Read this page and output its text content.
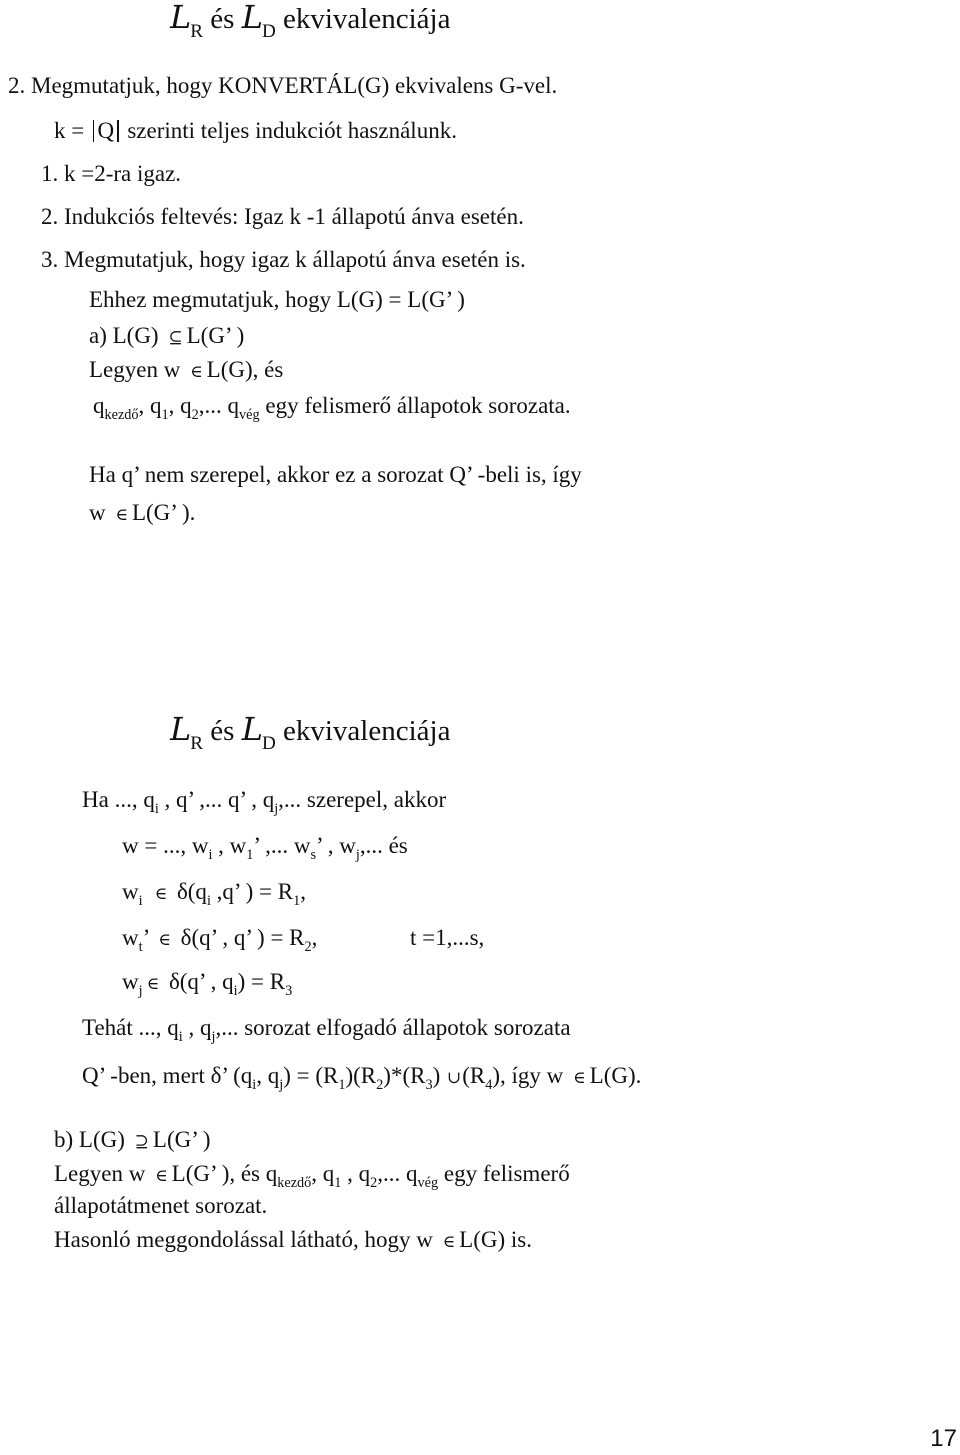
$L_R$ és $L_D$ ekvivalenciája
2. Megmutatjuk, hogy KONVERTÁL(G) ekvivalens G-vel.
k = Q szerinti teljes indukciót használunk.
1. k =2-ra igaz.
2. Indukciós feltevés: Igaz k -1 állapotú ánva esetén.
3. Megmutatjuk, hogy igaz k állapotú ánva esetén is.
Ehhez megmutatjuk, hogy L(G) = L(G’ )
a) L(G) ⊆ L(G’ )
Legyen w ∈ L(G), és
$q_{kezdő}$, $q_1$, $q_2$,... $q_{vég}$ egy felismerő állapotok sorozata.
Ha q’ nem szerepel, akkor ez a sorozat Q’ -beli is, így
w ∈ L(G’ ).
$L_R$ és $L_D$ ekvivalenciája
Ha ..., $q_i$ , q’ ,... q’ , $q_j$,... szerepel, akkor
w = ..., $w_i$ , $w_1$’ ,... $w_s$’ , $w_j$,... és
$w_i$ ∈ $\delta(q_i$ ,q’ ) = $R_1$,
$w_t$’ ∈ δ(q’ , q’ ) = $R_2$,	t =1,...s,
$w_j$ ∈ δ(q’ , $q_i) = R_3$
Tehát ..., $q_i$ , $q_j$,... sorozat elfogadó állapotok sorozata
Q’ -ben, mert δ’ ($q_i$, $q_j) = (R_1)(R_2)*(R_3)$ $\cup(R_4)$, így w ∈ L(G).
b) L(G) ⊇ L(G’ )
Legyen w ∈ L(G’ ), és $q_{kezdő}$, $q_1$ , $q_2$,... $q_{vég}$ egy felismerő
állapotátmenet sorozat.
Hasonló meggondolással látható, hogy w ∈ L(G) is.
17
